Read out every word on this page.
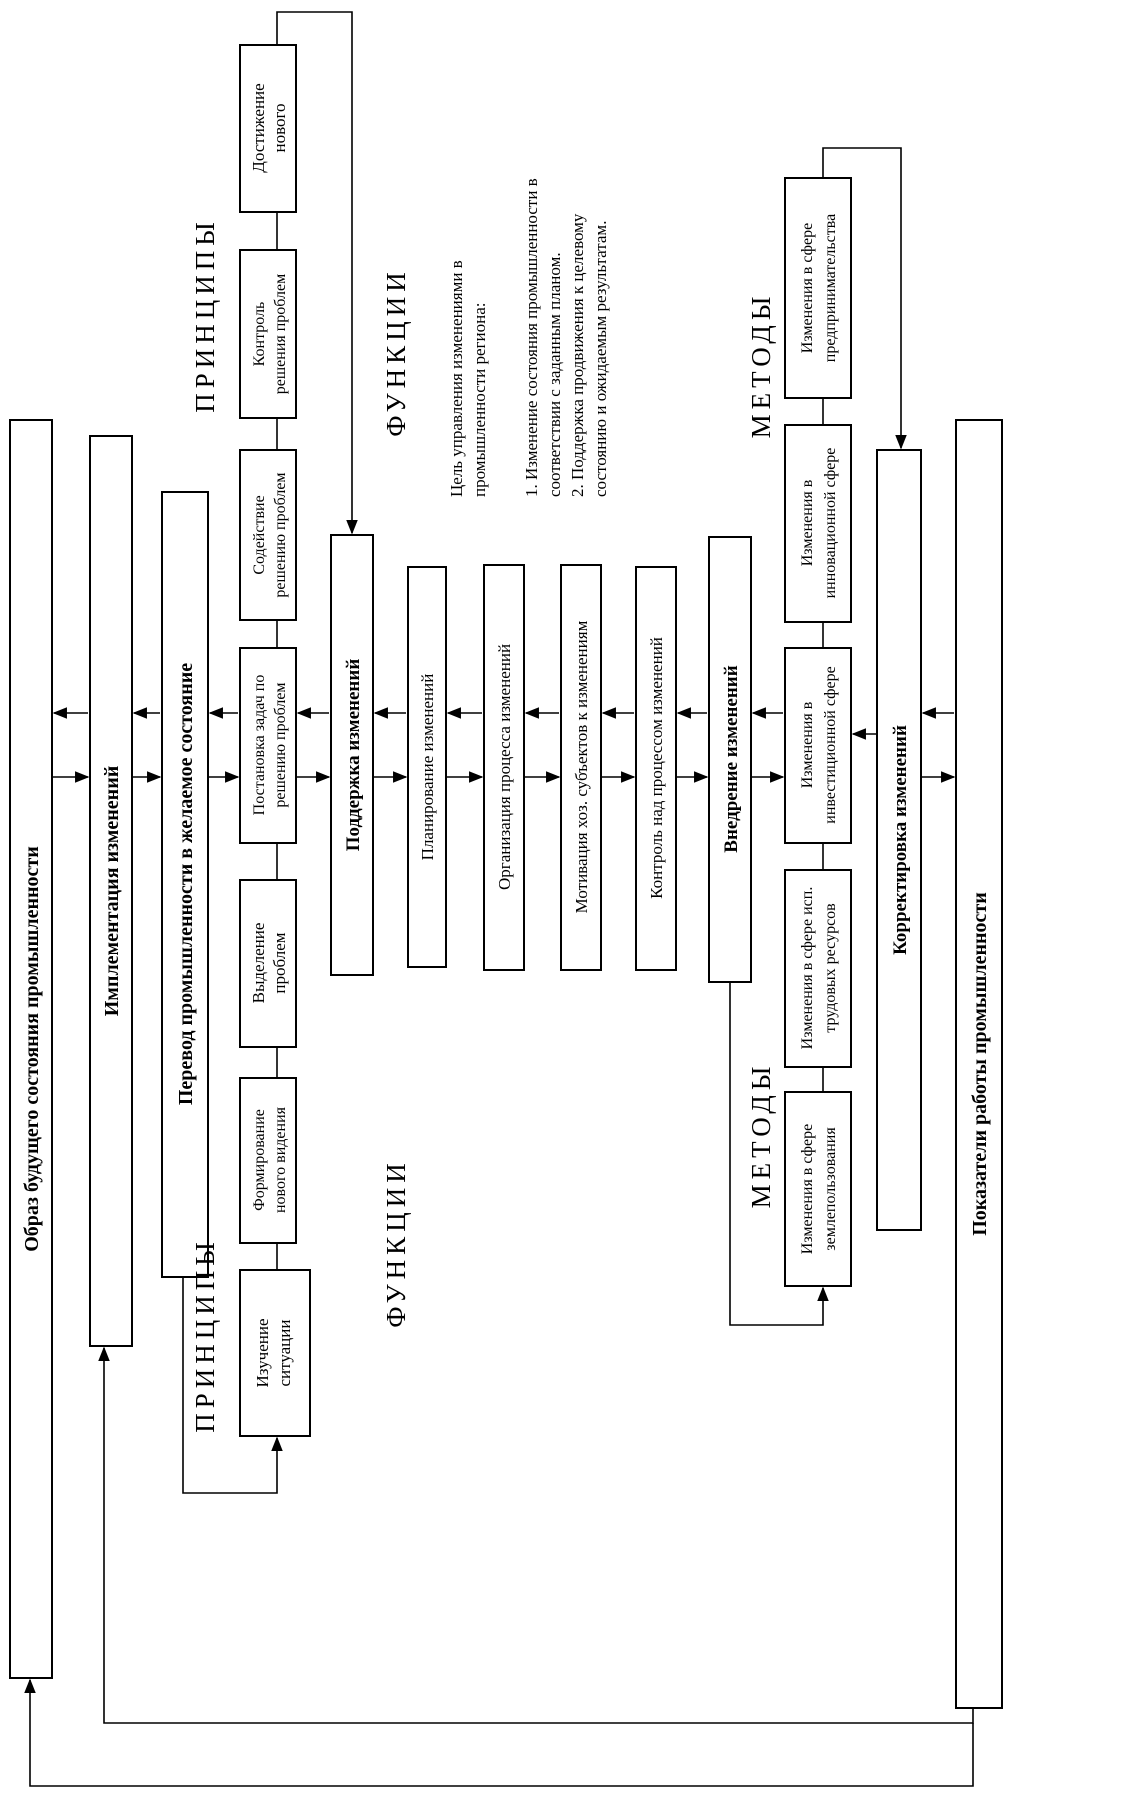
Образ будущего состояния промышленности	Имплементация изменений	Перевод промышленности в желаемое состояние	Поддержка изменений	Внедрение изменений	Корректировка изменений
Показатели работы промышленности
Планирование изменений	Организация процесса изменений	Мотивация хоз. субъектов к изменениям	Контроль над процессом изменений
Изучение ситуации
Формирование нового видения
Выделение проблем
Постановка задач по решению проблем
Содействие решению проблем
Контроль решения проблем
Достижение нового
Изменения в сфере землепользования
Изменения в сфере исп. трудовых ресурсов
Изменения в инвестиционной сфере
Изменения в инновационной сфере
Изменения в сфере предпринимательства
ПРИНЦИПЫ
ПРИНЦИПЫ
ФУНКЦИИ
ФУНКЦИИ
МЕТОДЫ
МЕТОДЫ
Цель управления изменениями в промышленности региона: 1. Изменение состояния промышленности в соответствии с заданным планом. 2. Поддержка продвижения к целевому состоянию и ожидаемым результатам.
